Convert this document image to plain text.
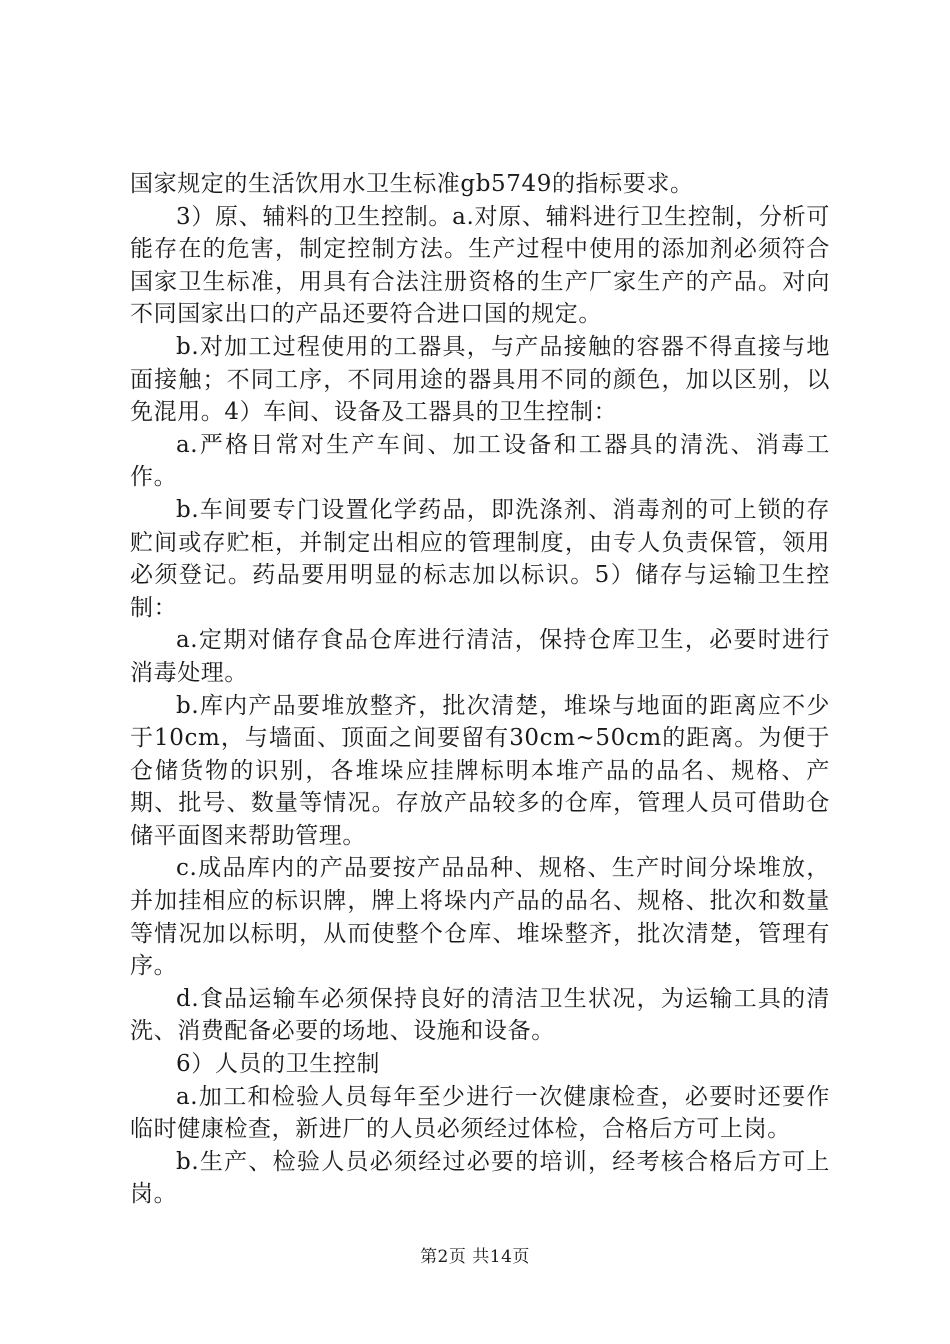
国家规定的生活饮用水卫生标准gb5749的指标要求。

3）原、辅料的卫生控制。a.对原、辅料进行卫生控制，分析可能存在的危害，制定控制方法。生产过程中使用的添加剂必须符合国家卫生标准，用具有合法注册资格的生产厂家生产的产品。对向不同国家出口的产品还要符合进口国的规定。

b.对加工过程使用的工器具，与产品接触的容器不得直接与地面接触；不同工序，不同用途的器具用不同的颜色，加以区别，以免混用。4）车间、设备及工器具的卫生控制：

a.严格日常对生产车间、加工设备和工器具的清洗、消毒工作。

b.车间要专门设置化学药品，即洗涤剂、消毒剂的可上锁的存贮间或存贮柜，并制定出相应的管理制度，由专人负责保管，领用必须登记。药品要用明显的标志加以标识。5）储存与运输卫生控制：

a.定期对储存食品仓库进行清洁，保持仓库卫生，必要时进行消毒处理。

b.库内产品要堆放整齐，批次清楚，堆垛与地面的距离应不少于10cm，与墙面、顶面之间要留有30cm~50cm的距离。为便于仓储货物的识别，各堆垛应挂牌标明本堆产品的品名、规格、产期、批号、数量等情况。存放产品较多的仓库，管理人员可借助仓储平面图来帮助管理。

c.成品库内的产品要按产品品种、规格、生产时间分垛堆放，并加挂相应的标识牌，牌上将垛内产品的品名、规格、批次和数量等情况加以标明，从而使整个仓库、堆垛整齐，批次清楚，管理有序。

d.食品运输车必须保持良好的清洁卫生状况，为运输工具的清洗、消费配备必要的场地、设施和设备。

6）人员的卫生控制

a.加工和检验人员每年至少进行一次健康检查，必要时还要作临时健康检查，新进厂的人员必须经过体检，合格后方可上岗。

b.生产、检验人员必须经过必要的培训，经考核合格后方可上岗。

第2页 共14页
